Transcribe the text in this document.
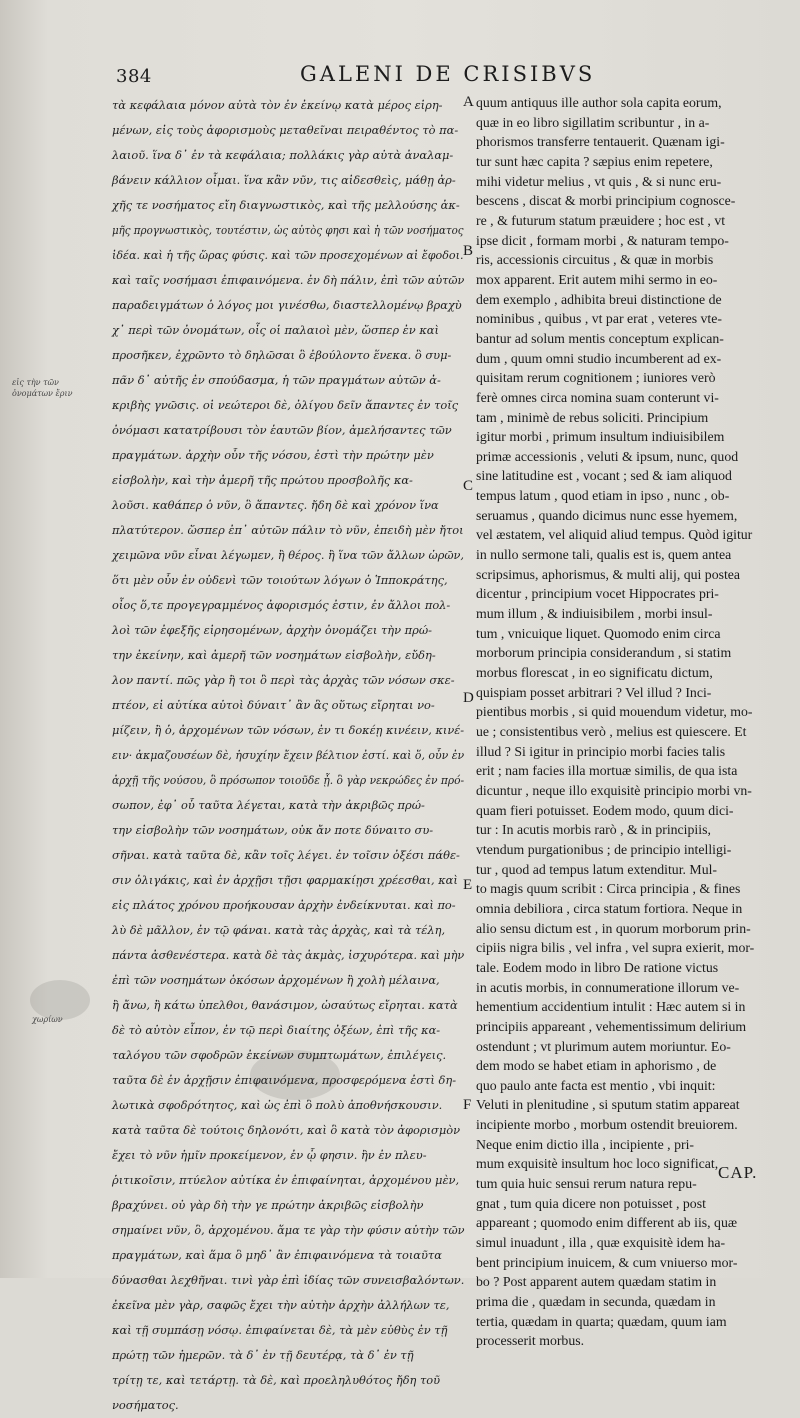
384	GALENI DE CRISIBVS
τὰ κεφάλαια μόνον αὐτὰ τὸν ἐν ἐκείνῳ κατὰ μέρος εἰρη-
μένων, εἰς τοὺς ἀφορισμοὺς μεταθεῖναι πειραθέντος τὸ πα-
λαιοῦ. ἵνα δ᾽ ἐν τὰ κεφάλαια; πολλάκις γὰρ αὐτὰ ἀναλαμ-
βάνειν κάλλιον οἶμαι. ἵνα κἂν νῦν, τις αἰδεσθεὶς, μάθῃ ἀρ-
χῆς τε νοσήματος εἴη διαγνωστικὸς, καὶ τῆς μελλούσης ἀκ-
μῆς προγνωστικὸς, τουτέστιν, ὡς αὐτὸς φησι καὶ ἡ τῶν νοσήματος
ἰδέα. καὶ ἡ τῆς ὥρας φύσις. καὶ τῶν προσεχομένων αἱ ἔφοδοι.
καὶ ταῖς νοσήμασι ἐπιφαινόμενα. ἐν δὴ πάλιν, ἐπὶ τῶν αὐτῶν
παραδειγμάτων ὁ λόγος μοι γινέσθω, διαστελλομένῳ βραχὺ
χ᾽ περὶ τῶν ὀνομάτων, οἷς οἱ παλαιοὶ μὲν, ὥσπερ ἐν καὶ
προσῆκεν, ἐχρῶντο τὸ δηλῶσαι ὃ ἐβούλοντο ἕνεκα. ὃ συμ-
πᾶν δ᾽ αὐτῆς ἐν σπούδασμα, ἡ τῶν πραγμάτων αὐτῶν ἀ-
κριβὴς γνῶσις. οἱ νεώτεροι δὲ, ὀλίγου δεῖν ἅπαντες ἐν τοῖς
ὀνόμασι κατατρίβουσι τὸν ἑαυτῶν βίον, ἀμελήσαντες τῶν
πραγμάτων. ἀρχὴν οὖν τῆς νόσου, ἐστὶ τὴν πρώτην μὲν
εἰσβολὴν, καὶ τὴν ἀμερῆ τῆς πρώτου προσβολῆς κα-
λοῦσι. καθάπερ ὁ νῦν, ὃ ἅπαντες. ἤδη δὲ καὶ χρόνον ἵνα
πλατύτερον. ὥσπερ ἐπ᾽ αὐτῶν πάλιν τὸ νῦν, ἐπειδὴ μὲν ἤτοι
χειμῶνα νῦν εἶναι λέγωμεν, ἢ θέρος. ἢ ἵνα τῶν ἄλλων ὡρῶν,
ὅτι μὲν οὖν ἐν οὐδενὶ τῶν τοιούτων λόγων ὁ Ἱπποκράτης,
οἷος ὅ,τε προγεγραμμένος ἀφορισμός ἐστιν, ἐν ἄλλοι πολ-
λοὶ τῶν ἐφεξῆς εἰρησομένων, ἀρχὴν ὀνομάζει τὴν πρώ-
την ἐκείνην, καὶ ἀμερῆ τῶν νοσημάτων εἰσβολὴν, εὔδη-
λον παντί. πῶς γὰρ ἢ τοι ὃ περὶ τὰς ἀρχὰς τῶν νόσων σκε-
πτέον, εἰ αὐτίκα αὐτοὶ δύναιτ᾽ ἂν ἃς οὕτως εἴρηται νο-
μίζειν, ἢ ὁ, ἀρχομένων τῶν νόσων, ἐν τι δοκέῃ κινέειν, κινέ-
ειν· ἀκμαζουσέων δὲ, ἡσυχίην ἔχειν βέλτιον ἐστί. καὶ ὅ, οὖν ἐν
ἀρχῇ τῆς νούσου, ὃ πρόσωπον τοιοῦδε ᾖ. ὃ γὰρ νεκρώδες ἐν πρό-
σωπον, ἐφ᾽ οὗ ταῦτα λέγεται, κατὰ τὴν ἀκριβῶς πρώ-
την εἰσβολὴν τῶν νοσημάτων, οὐκ ἄν ποτε δύναιτο συ-
σῆναι. κατὰ ταῦτα δὲ, κἂν τοῖς λέγει. ἐν τοῖσιν ὀξέσι πάθε-
σιν ὀλιγάκις, καὶ ἐν ἀρχῇσι τῇσι φαρμακίῃσι χρέεσθαι, καὶ
εἰς πλάτος χρόνου προήκουσαν ἀρχὴν ἐνδείκνυται. καὶ πο-
λὺ δὲ μᾶλλον, ἐν τῷ φάναι. κατὰ τὰς ἀρχὰς, καὶ τὰ τέλη,
πάντα ἀσθενέστερα. κατὰ δὲ τὰς ἀκμὰς, ἰσχυρότερα. καὶ μὴν
ἐπὶ τῶν νοσημάτων ὁκόσων ἀρχομένων ἢ χολὴ μέλαινα,
ἢ ἄνω, ἢ κάτω ὑπελθοι, θανάσιμον, ὡσαύτως εἴρηται. κατὰ
δὲ τὸ αὐτὸν εἶπον, ἐν τῷ περὶ διαίτης ὀξέων, ἐπὶ τῆς κα-
ταλόγου τῶν σφοδρῶν ἐκείνων συμπτωμάτων, ἐπιλέγεις.
ταῦτα δὲ ἐν ἀρχῇσιν ἐπιφαινόμενα, προσφερόμενα ἐστὶ δη-
λωτικὰ σφοδρότητος, καὶ ὡς ἐπὶ ὃ πολὺ ἀποθνήσκουσιν.
κατὰ ταῦτα δὲ τούτοις δηλονότι, καὶ ὃ κατὰ τὸν ἀφορισμὸν
ἔχει τὸ νῦν ἡμῖν προκείμενον, ἐν ᾧ φησιν. ἢν ἐν πλευ-
ῥιτικοῖσιν, πτύελον αὐτίκα ἐν ἐπιφαίνηται, ἀρχομένου μὲν,
βραχύνει. οὐ γὰρ δὴ τὴν γε πρώτην ἀκριβῶς εἰσβολὴν
σημαίνει νῦν, ὃ, ἀρχομένου. ἅμα τε γὰρ τὴν φύσιν αὐτὴν τῶν
πραγμάτων, καὶ ἅμα ὃ μηδ᾽ ἂν ἐπιφαινόμενα τὰ τοιαῦτα
δύνασθαι λεχθῆναι. τινὶ γὰρ ἐπὶ ἰδίας τῶν συνεισβαλόντων.
ἐκεῖνα μὲν γὰρ, σαφῶς ἔχει τὴν αὐτὴν ἀρχὴν ἀλλήλων τε,
καὶ τῇ συμπάσῃ νόσῳ. ἐπιφαίνεται δὲ, τὰ μὲν εὐθὺς ἐν τῇ
πρώτῃ τῶν ἡμερῶν. τὰ δ᾽ ἐν τῇ δευτέρᾳ, τὰ δ᾽ ἐν τῇ
τρίτῃ τε, καὶ τετάρτῃ. τὰ δὲ, καὶ προεληλυθότος ἤδη τοῦ
νοσήματος.
quum antiquus ille author sola capita eorum,
quæ in eo libro sigillatim scribuntur , in a-
phorismos transferre tentauerit. Quænam igi-
tur sunt hæc capita ? sæpius enim repetere,
mihi videtur melius , vt quis , & si nunc eru-
bescens , discat & morbi principium cognosce-
re , & futurum statum præuidere ; hoc est , vt
ipse dicit , formam morbi , & naturam tempo-
ris, accessionis circuitus , & quæ in morbis
mox apparent. Erit autem mihi sermo in eo-
dem exemplo , adhibita breui distinctione de
nominibus , quibus , vt par erat , veteres vte-
bantur ad solum mentis conceptum explican-
dum , quum omni studio incumberent ad ex-
quisitam rerum cognitionem ; iuniores verò
ferè omnes circa nomina suam conterunt vi-
tam , minimè de rebus soliciti. Principium
igitur morbi , primum insultum indiuisibilem
primæ accessionis , veluti & ipsum, nunc, quod
sine latitudine est , vocant ; sed & iam aliquod
tempus latum , quod etiam in ipso , nunc , ob-
seruamus , quando dicimus nunc esse hyemem,
vel æstatem, vel aliquid aliud tempus. Quòd igitur
in nullo sermone tali, qualis est is, quem antea
scripsimus, aphorismus, & multi alij, qui postea
dicentur , principium vocet Hippocrates pri-
mum illum , & indiuisibilem , morbi insul-
tum , vnicuique liquet. Quomodo enim circa
morborum principia considerandum , si statim
morbus florescat , in eo significatu dictum,
quispiam posset arbitrari ? Vel illud ? Inci-
pientibus morbis , si quid mouendum videtur, mo-
ue ; consistentibus verò , melius est quiescere. Et
illud ? Si igitur in principio morbi facies talis
erit ; nam facies illa mortuæ similis, de qua ista
dicuntur , neque illo exquisitè principio morbi vn-
quam fieri potuisset. Eodem modo, quum dici-
tur : In acutis morbis rarò , & in principiis,
vtendum purgationibus ; de principio intelligi-
tur , quod ad tempus latum extenditur. Mul-
to magis quum scribit : Circa principia , & fines
omnia debiliora , circa statum fortiora. Neque in
alio sensu dictum est , in quorum morborum prin-
cipiis nigra bilis , vel infra , vel supra exierit, mor-
tale. Eodem modo in libro De ratione victus
in acutis morbis, in connumeratione illorum ve-
hementium accidentium intulit : Hæc autem si in
principiis appareant , vehementissimum delirium
ostendunt ; vt plurimum autem moriuntur. Eo-
dem modo se habet etiam in aphorismo , de
quo paulo ante facta est mentio , vbi inquit:
Veluti in plenitudine , si sputum statim appareat
incipiente morbo , morbum ostendit breuiorem.
Neque enim dictio illa , incipiente , pri-
mum exquisitè insultum hoc loco significat,
tum quia huic sensui rerum natura repu-
gnat , tum quia dicere non potuisset , post
appareant ; quomodo enim different ab iis, quæ
simul inuadunt , illa , quæ exquisitè idem ha-
bent principium inuicem, & cum vniuerso mor-
bo ? Post apparent autem quædam statim in
prima die , quædam in secunda, quædam in
tertia, quædam in quarta; quædam, quum iam
processerit morbus.
A
B
C
D
E
F
εἰς τὴν τῶν ὀνομάτων ἔριν
χωρίων
CAP.
